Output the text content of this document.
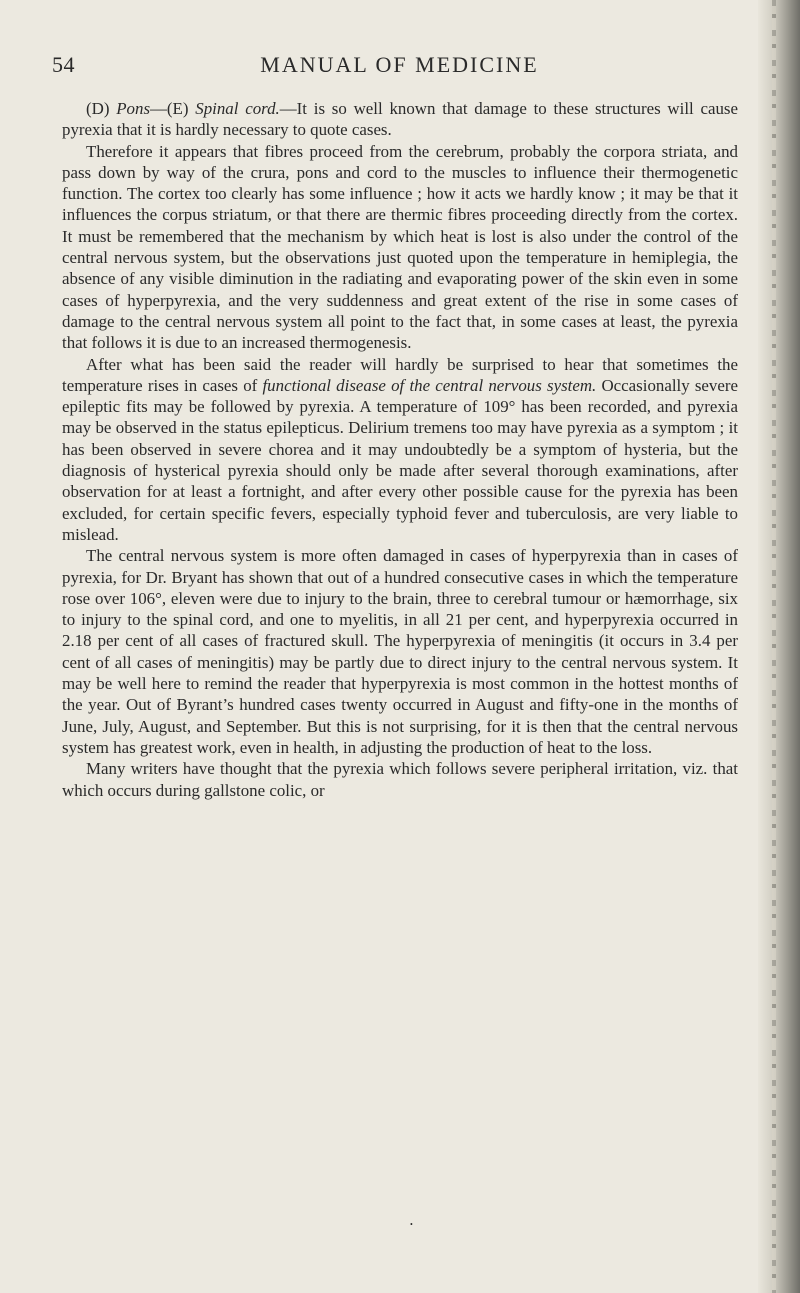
54	MANUAL OF MEDICINE

(D) Pons—(E) Spinal cord.—It is so well known that damage to these structures will cause pyrexia that it is hardly necessary to quote cases.

Therefore it appears that fibres proceed from the cerebrum, probably the corpora striata, and pass down by way of the crura, pons and cord to the muscles to influence their thermogenetic function. The cortex too clearly has some influence ; how it acts we hardly know ; it may be that it influences the corpus striatum, or that there are thermic fibres proceeding directly from the cortex. It must be remembered that the mechanism by which heat is lost is also under the control of the central nervous system, but the observations just quoted upon the temperature in hemiplegia, the absence of any visible diminution in the radiating and evaporating power of the skin even in some cases of hyperpyrexia, and the very suddenness and great extent of the rise in some cases of damage to the central nervous system all point to the fact that, in some cases at least, the pyrexia that follows it is due to an increased thermogenesis.

After what has been said the reader will hardly be surprised to hear that sometimes the temperature rises in cases of functional disease of the central nervous system. Occasionally severe epileptic fits may be followed by pyrexia. A temperature of 109° has been recorded, and pyrexia may be observed in the status epilepticus. Delirium tremens too may have pyrexia as a symptom ; it has been observed in severe chorea and it may undoubtedly be a symptom of hysteria, but the diagnosis of hysterical pyrexia should only be made after several thorough examinations, after observation for at least a fortnight, and after every other possible cause for the pyrexia has been excluded, for certain specific fevers, especially typhoid fever and tuberculosis, are very liable to mislead.

The central nervous system is more often damaged in cases of hyperpyrexia than in cases of pyrexia, for Dr. Bryant has shown that out of a hundred consecutive cases in which the temperature rose over 106°, eleven were due to injury to the brain, three to cerebral tumour or hæmorrhage, six to injury to the spinal cord, and one to myelitis, in all 21 per cent, and hyperpyrexia occurred in 2.18 per cent of all cases of fractured skull. The hyperpyrexia of meningitis (it occurs in 3.4 per cent of all cases of meningitis) may be partly due to direct injury to the central nervous system. It may be well here to remind the reader that hyperpyrexia is most common in the hottest months of the year. Out of Byrant’s hundred cases twenty occurred in August and fifty-one in the months of June, July, August, and September. But this is not surprising, for it is then that the central nervous system has greatest work, even in health, in adjusting the production of heat to the loss.

Many writers have thought that the pyrexia which follows severe peripheral irritation, viz. that which occurs during gallstone colic, or

•
